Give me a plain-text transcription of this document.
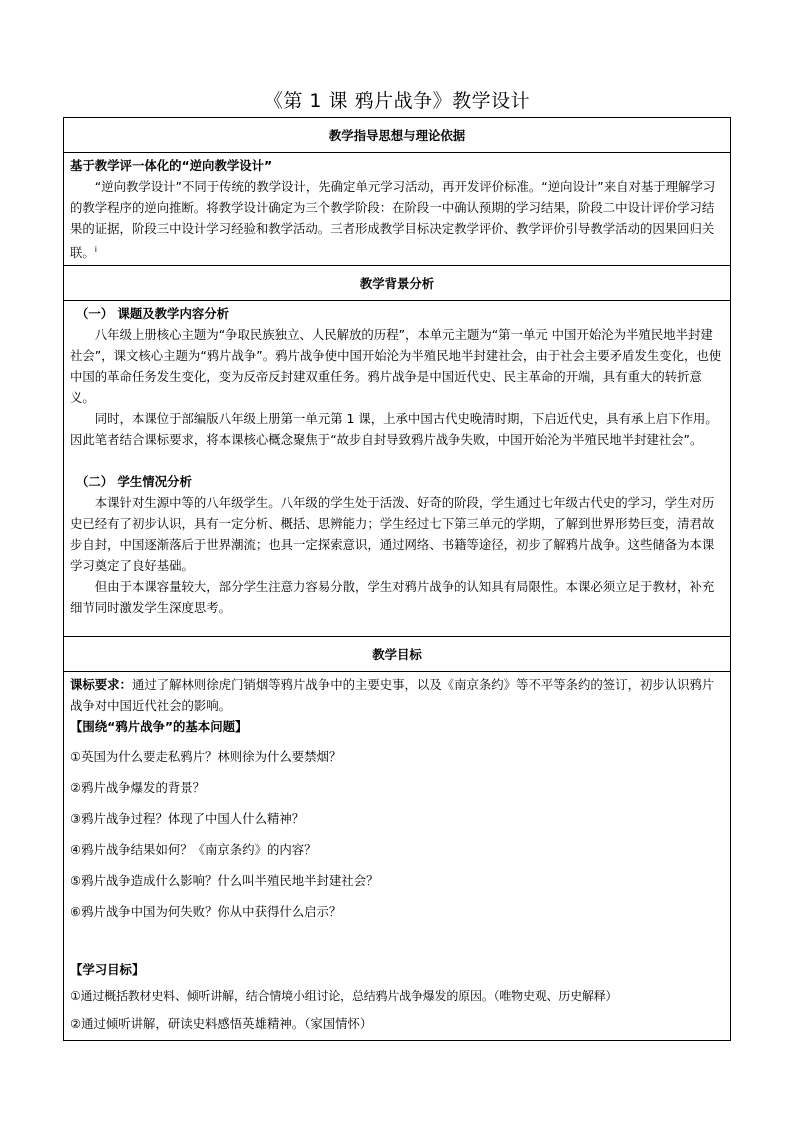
《第 1 课 鸦片战争》教学设计
教学指导思想与理论依据

基于教学评一体化的“逆向教学设计”

“逆向教学设计”不同于传统的教学设计，先确定单元学习活动，再开发评价标准。“逆向设计”来自对基于理解学习的教学程序的逆向推断。将教学设计确定为三个教学阶段：在阶段一中确认预期的学习结果，阶段二中设计评价学习结果的证据，阶段三中设计学习经验和教学活动。三者形成教学目标决定教学评价、教学评价引导教学活动的因果回归关联。$^i$

教学背景分析

（一） 课题及教学内容分析

八年级上册核心主题为“争取民族独立、人民解放的历程”，本单元主题为“第一单元 中国开始沦为半殖民地半封建社会”，课文核心主题为“鸦片战争”。鸦片战争使中国开始沦为半殖民地半封建社会，由于社会主要矛盾发生变化，也使中国的革命任务发生变化，变为反帝反封建双重任务。鸦片战争是中国近代史、民主革命的开端，具有重大的转折意义。

同时，本课位于部编版八年级上册第一单元第 1 课，上承中国古代史晚清时期，下启近代史，具有承上启下作用。因此笔者结合课标要求，将本课核心概念聚焦于“故步自封导致鸦片战争失败，中国开始沦为半殖民地半封建社会”。

（二） 学生情况分析

本课针对生源中等的八年级学生。八年级的学生处于活泼、好奇的阶段，学生通过七年级古代史的学习，学生对历史已经有了初步认识，具有一定分析、概括、思辨能力；学生经过七下第三单元的学期，了解到世界形势巨变，清君故步自封，中国逐渐落后于世界潮流；也具一定探索意识，通过网络、书籍等途径，初步了解鸦片战争。这些储备为本课学习奠定了良好基础。

但由于本课容量较大，部分学生注意力容易分散，学生对鸦片战争的认知具有局限性。本课必须立足于教材，补充细节同时激发学生深度思考。

教学目标

课标要求：通过了解林则徐虎门销烟等鸦片战争中的主要史事，以及《南京条约》等不平等条约的签订，初步认识鸦片战争对中国近代社会的影响。

【围绕“鸦片战争”的基本问题】

①英国为什么要走私鸦片？林则徐为什么要禁烟？

②鸦片战争爆发的背景？

③鸦片战争过程？体现了中国人什么精神？

④鸦片战争结果如何？《南京条约》的内容？

⑤鸦片战争造成什么影响？什么叫半殖民地半封建社会？

⑥鸦片战争中国为何失败？你从中获得什么启示？

【学习目标】

①通过概括教材史料、倾听讲解，结合情境小组讨论，总结鸦片战争爆发的原因。（唯物史观、历史解释）

②通过倾听讲解，研读史料感悟英雄精神。（家国情怀）
